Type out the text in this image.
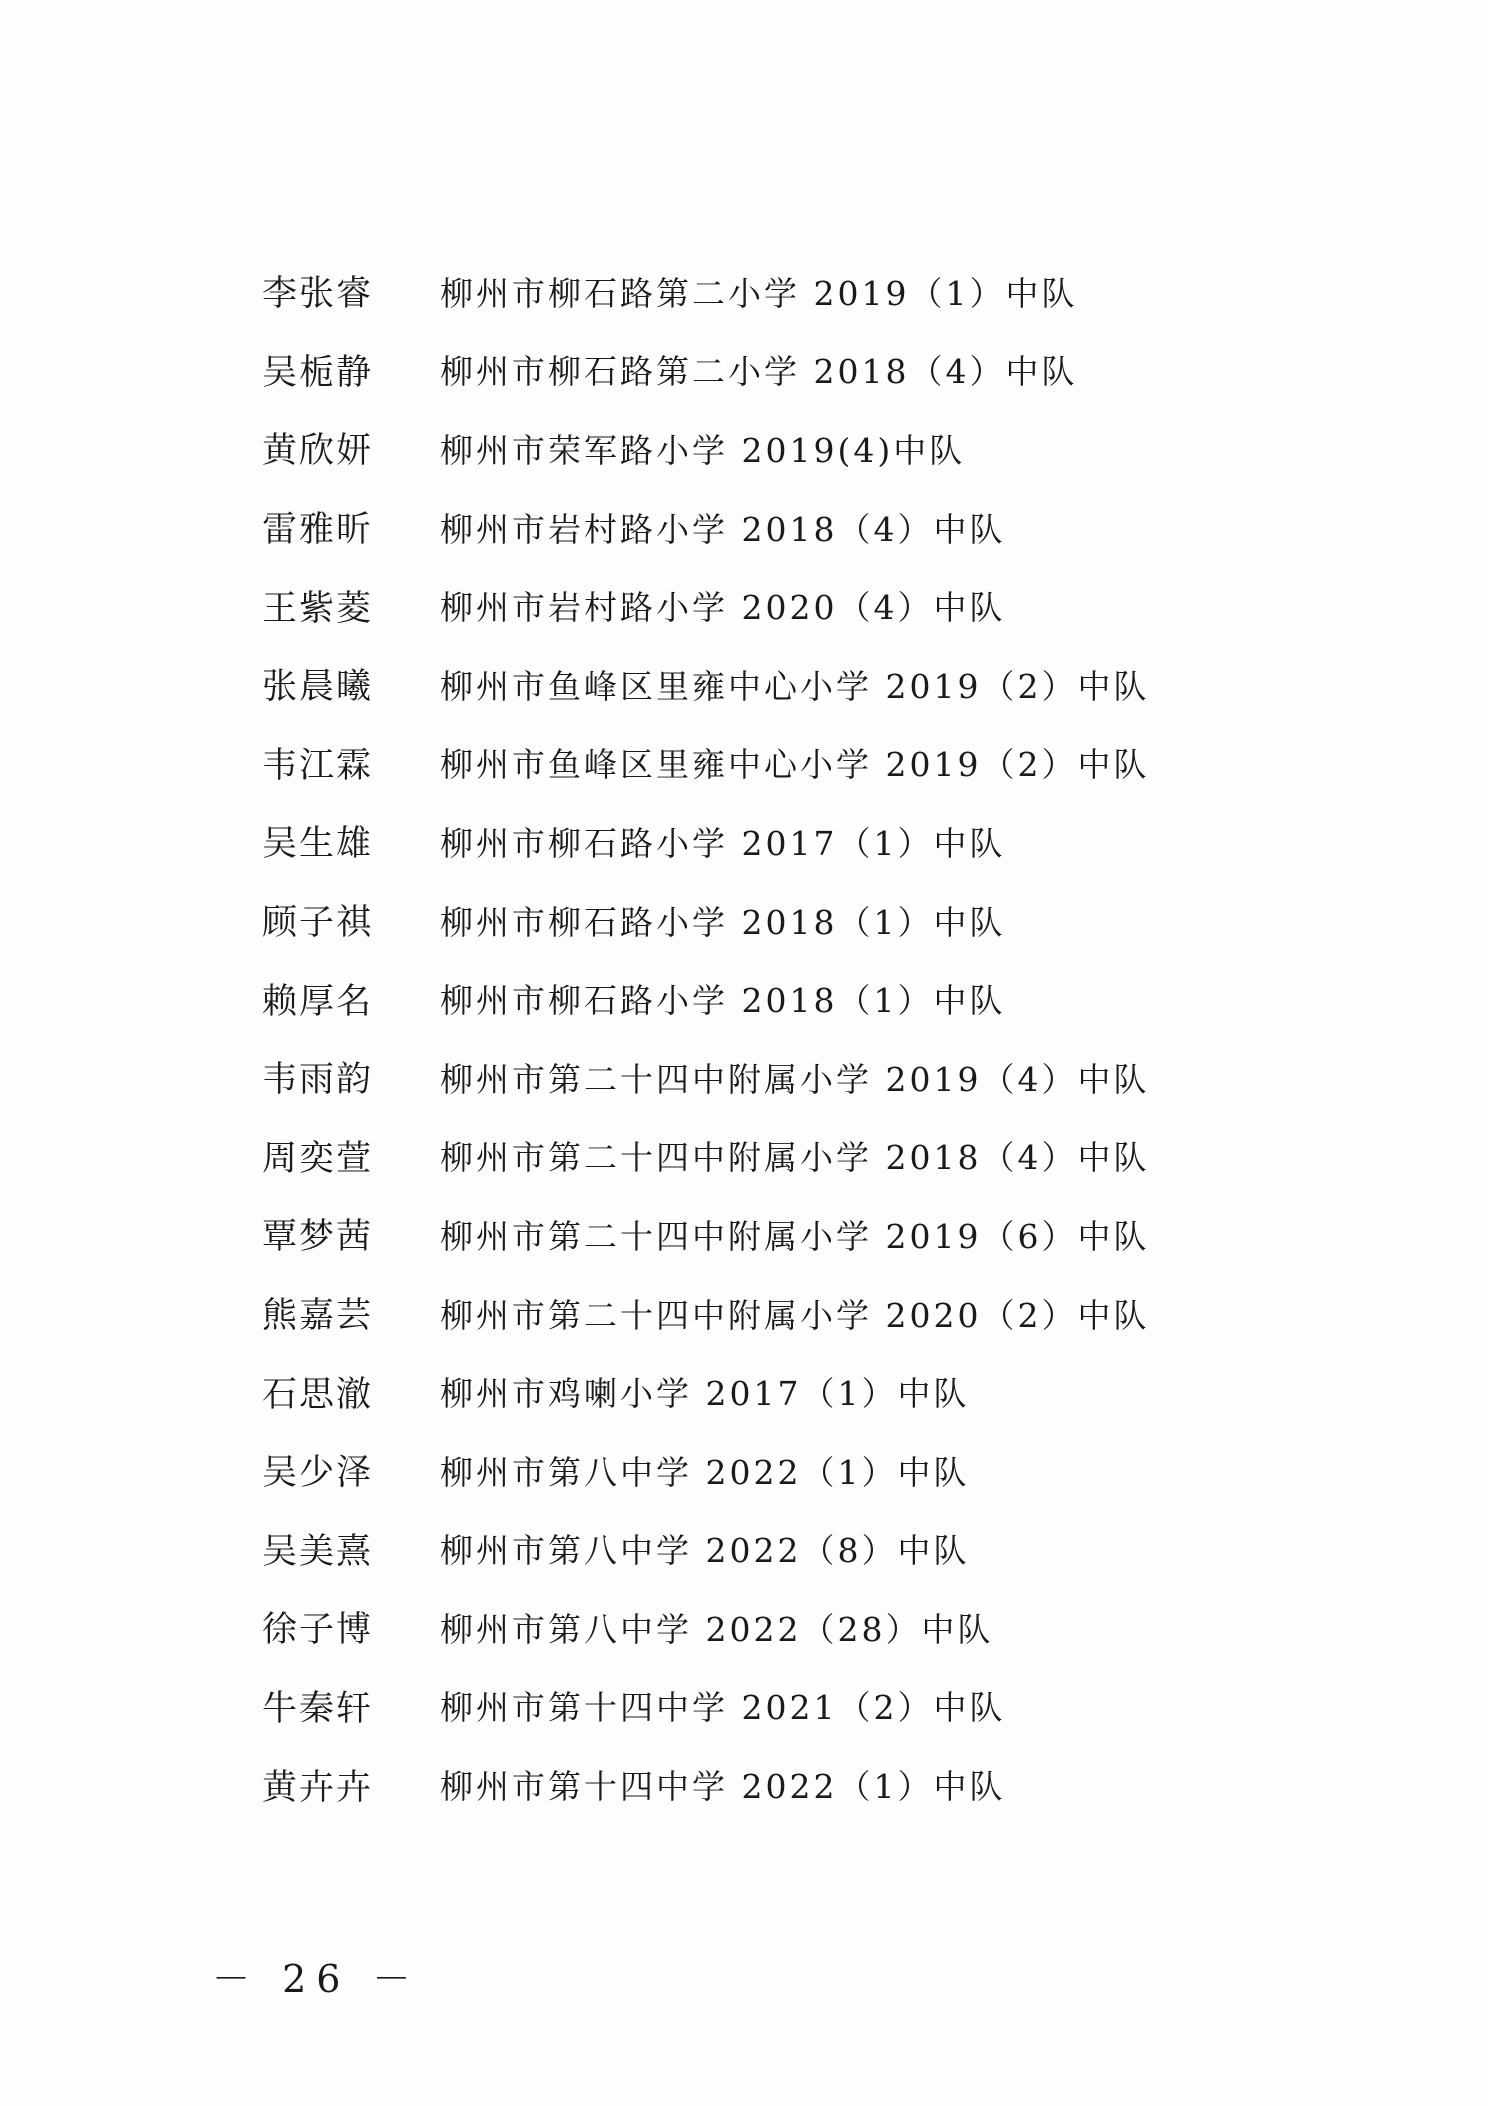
李张睿	柳州市柳石路第二小学 2019（1）中队
吴栀静	柳州市柳石路第二小学 2018（4）中队
黄欣妍	柳州市荣军路小学 2019(4)中队
雷雅昕	柳州市岩村路小学 2018（4）中队
王紫菱	柳州市岩村路小学 2020（4）中队
张晨曦	柳州市鱼峰区里雍中心小学 2019（2）中队
韦江霖	柳州市鱼峰区里雍中心小学 2019（2）中队
吴生雄	柳州市柳石路小学 2017（1）中队
顾子祺	柳州市柳石路小学 2018（1）中队
赖厚名	柳州市柳石路小学 2018（1）中队
韦雨韵	柳州市第二十四中附属小学 2019（4）中队
周奕萱	柳州市第二十四中附属小学 2018（4）中队
覃梦茜	柳州市第二十四中附属小学 2019（6）中队
熊嘉芸	柳州市第二十四中附属小学 2020（2）中队
石思澈	柳州市鸡喇小学 2017（1）中队
吴少泽	柳州市第八中学 2022（1）中队
吴美熹	柳州市第八中学 2022（8）中队
徐子博	柳州市第八中学 2022（28）中队
牛秦轩	柳州市第十四中学 2021（2）中队
黄卉卉	柳州市第十四中学 2022（1）中队
－ 26 －
